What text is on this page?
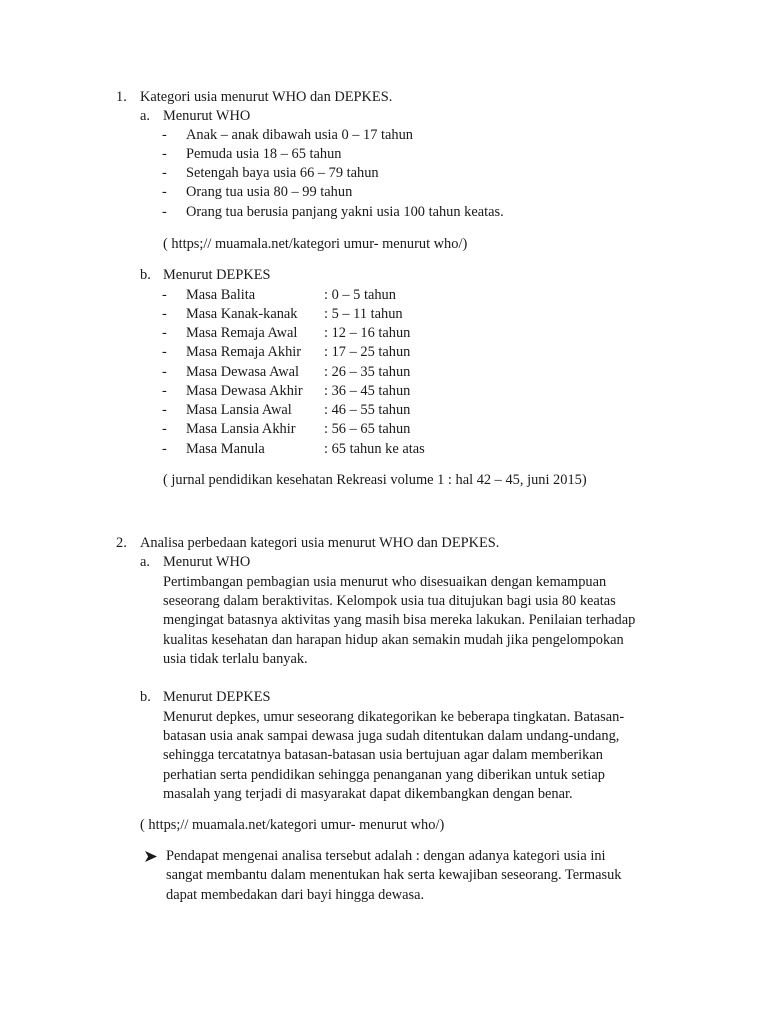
1. Kategori usia menurut WHO dan DEPKES.
a. Menurut WHO
- Anak – anak dibawah usia 0 – 17 tahun
- Pemuda usia 18 – 65 tahun
- Setengah baya usia 66 – 79 tahun
- Orang tua usia 80 – 99 tahun
- Orang tua berusia panjang yakni usia 100 tahun keatas.
( https;// muamala.net/kategori umur- menurut who/)
b. Menurut DEPKES
- Masa Balita	: 0 – 5 tahun
- Masa Kanak-kanak : 5 – 11 tahun
- Masa Remaja Awal : 12 – 16 tahun
- Masa Remaja Akhir : 17 – 25 tahun
- Masa Dewasa Awal : 26 – 35 tahun
- Masa Dewasa Akhir : 36 – 45 tahun
- Masa Lansia Awal : 46 – 55 tahun
- Masa Lansia Akhir : 56 – 65 tahun
- Masa Manula	: 65 tahun ke atas
( jurnal pendidikan kesehatan Rekreasi volume 1 : hal 42 – 45, juni 2015)
2. Analisa perbedaan kategori usia menurut WHO dan DEPKES.
a. Menurut WHO
Pertimbangan pembagian usia menurut who disesuaikan dengan kemampuan
seseorang dalam beraktivitas. Kelompok usia tua ditujukan bagi usia 80 keatas
mengingat batasnya aktivitas yang masih bisa mereka lakukan. Penilaian terhadap
kualitas kesehatan dan harapan hidup akan semakin mudah jika pengelompokan
usia tidak terlalu banyak.
b. Menurut DEPKES
Menurut depkes, umur seseorang dikategorikan ke beberapa tingkatan. Batasan-
batasan usia anak sampai dewasa juga sudah ditentukan dalam undang-undang,
sehingga tercatatnya batasan-batasan usia bertujuan agar dalam memberikan
perhatian serta pendidikan sehingga penanganan yang diberikan untuk setiap
masalah yang terjadi di masyarakat dapat dikembangkan dengan benar.
( https;// muamala.net/kategori umur- menurut who/)
Pendapat mengenai analisa tersebut adalah : dengan adanya kategori usia ini
sangat membantu dalam menentukan hak serta kewajiban seseorang. Termasuk
dapat membedakan dari bayi hingga dewasa.
